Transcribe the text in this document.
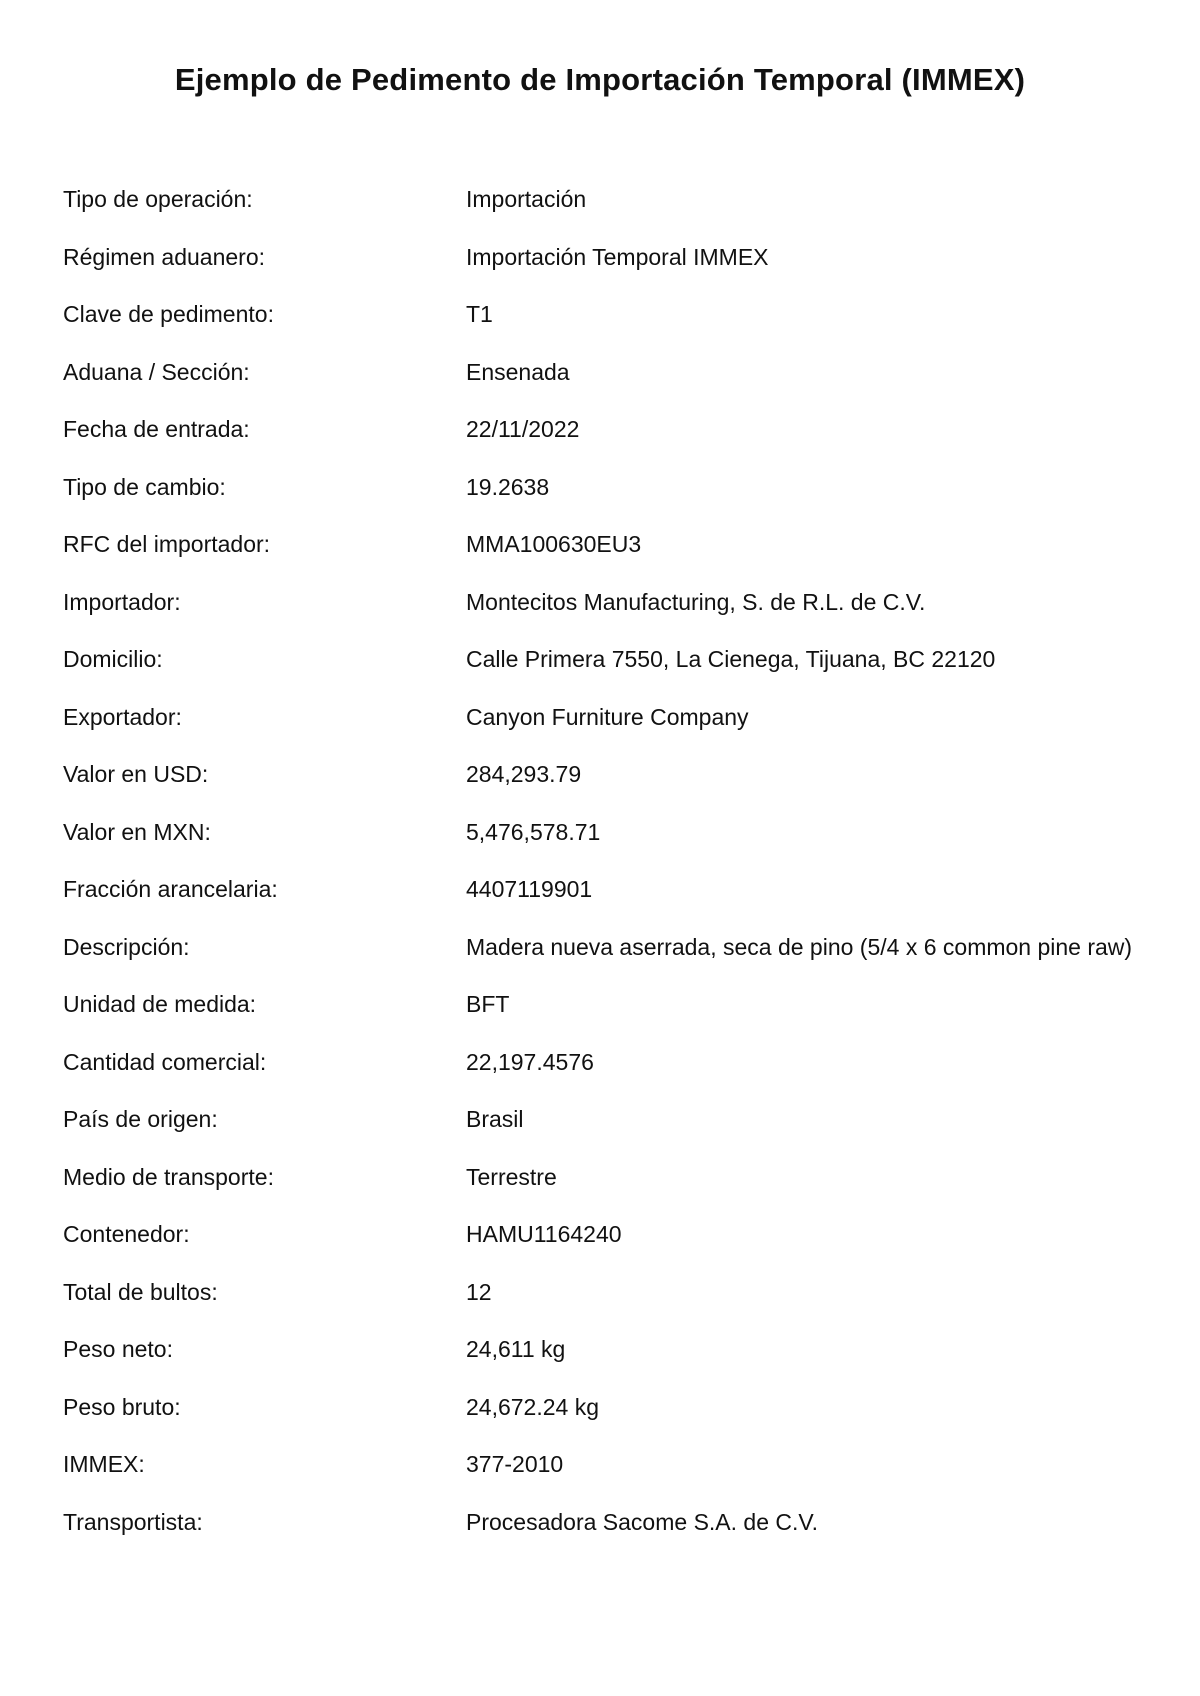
Ejemplo de Pedimento de Importación Temporal (IMMEX)
Tipo de operación:	Importación
Régimen aduanero:	Importación Temporal IMMEX
Clave de pedimento:	T1
Aduana / Sección:	Ensenada
Fecha de entrada:	22/11/2022
Tipo de cambio:	19.2638
RFC del importador:	MMA100630EU3
Importador:	Montecitos Manufacturing, S. de R.L. de C.V.
Domicilio:	Calle Primera 7550, La Cienega, Tijuana, BC 22120
Exportador:	Canyon Furniture Company
Valor en USD:	284,293.79
Valor en MXN:	5,476,578.71
Fracción arancelaria:	4407119901
Descripción:	Madera nueva aserrada, seca de pino (5/4 x 6 common pine raw)
Unidad de medida:	BFT
Cantidad comercial:	22,197.4576
País de origen:	Brasil
Medio de transporte:	Terrestre
Contenedor:	HAMU1164240
Total de bultos:	12
Peso neto:	24,611 kg
Peso bruto:	24,672.24 kg
IMMEX:	377-2010
Transportista:	Procesadora Sacome S.A. de C.V.
